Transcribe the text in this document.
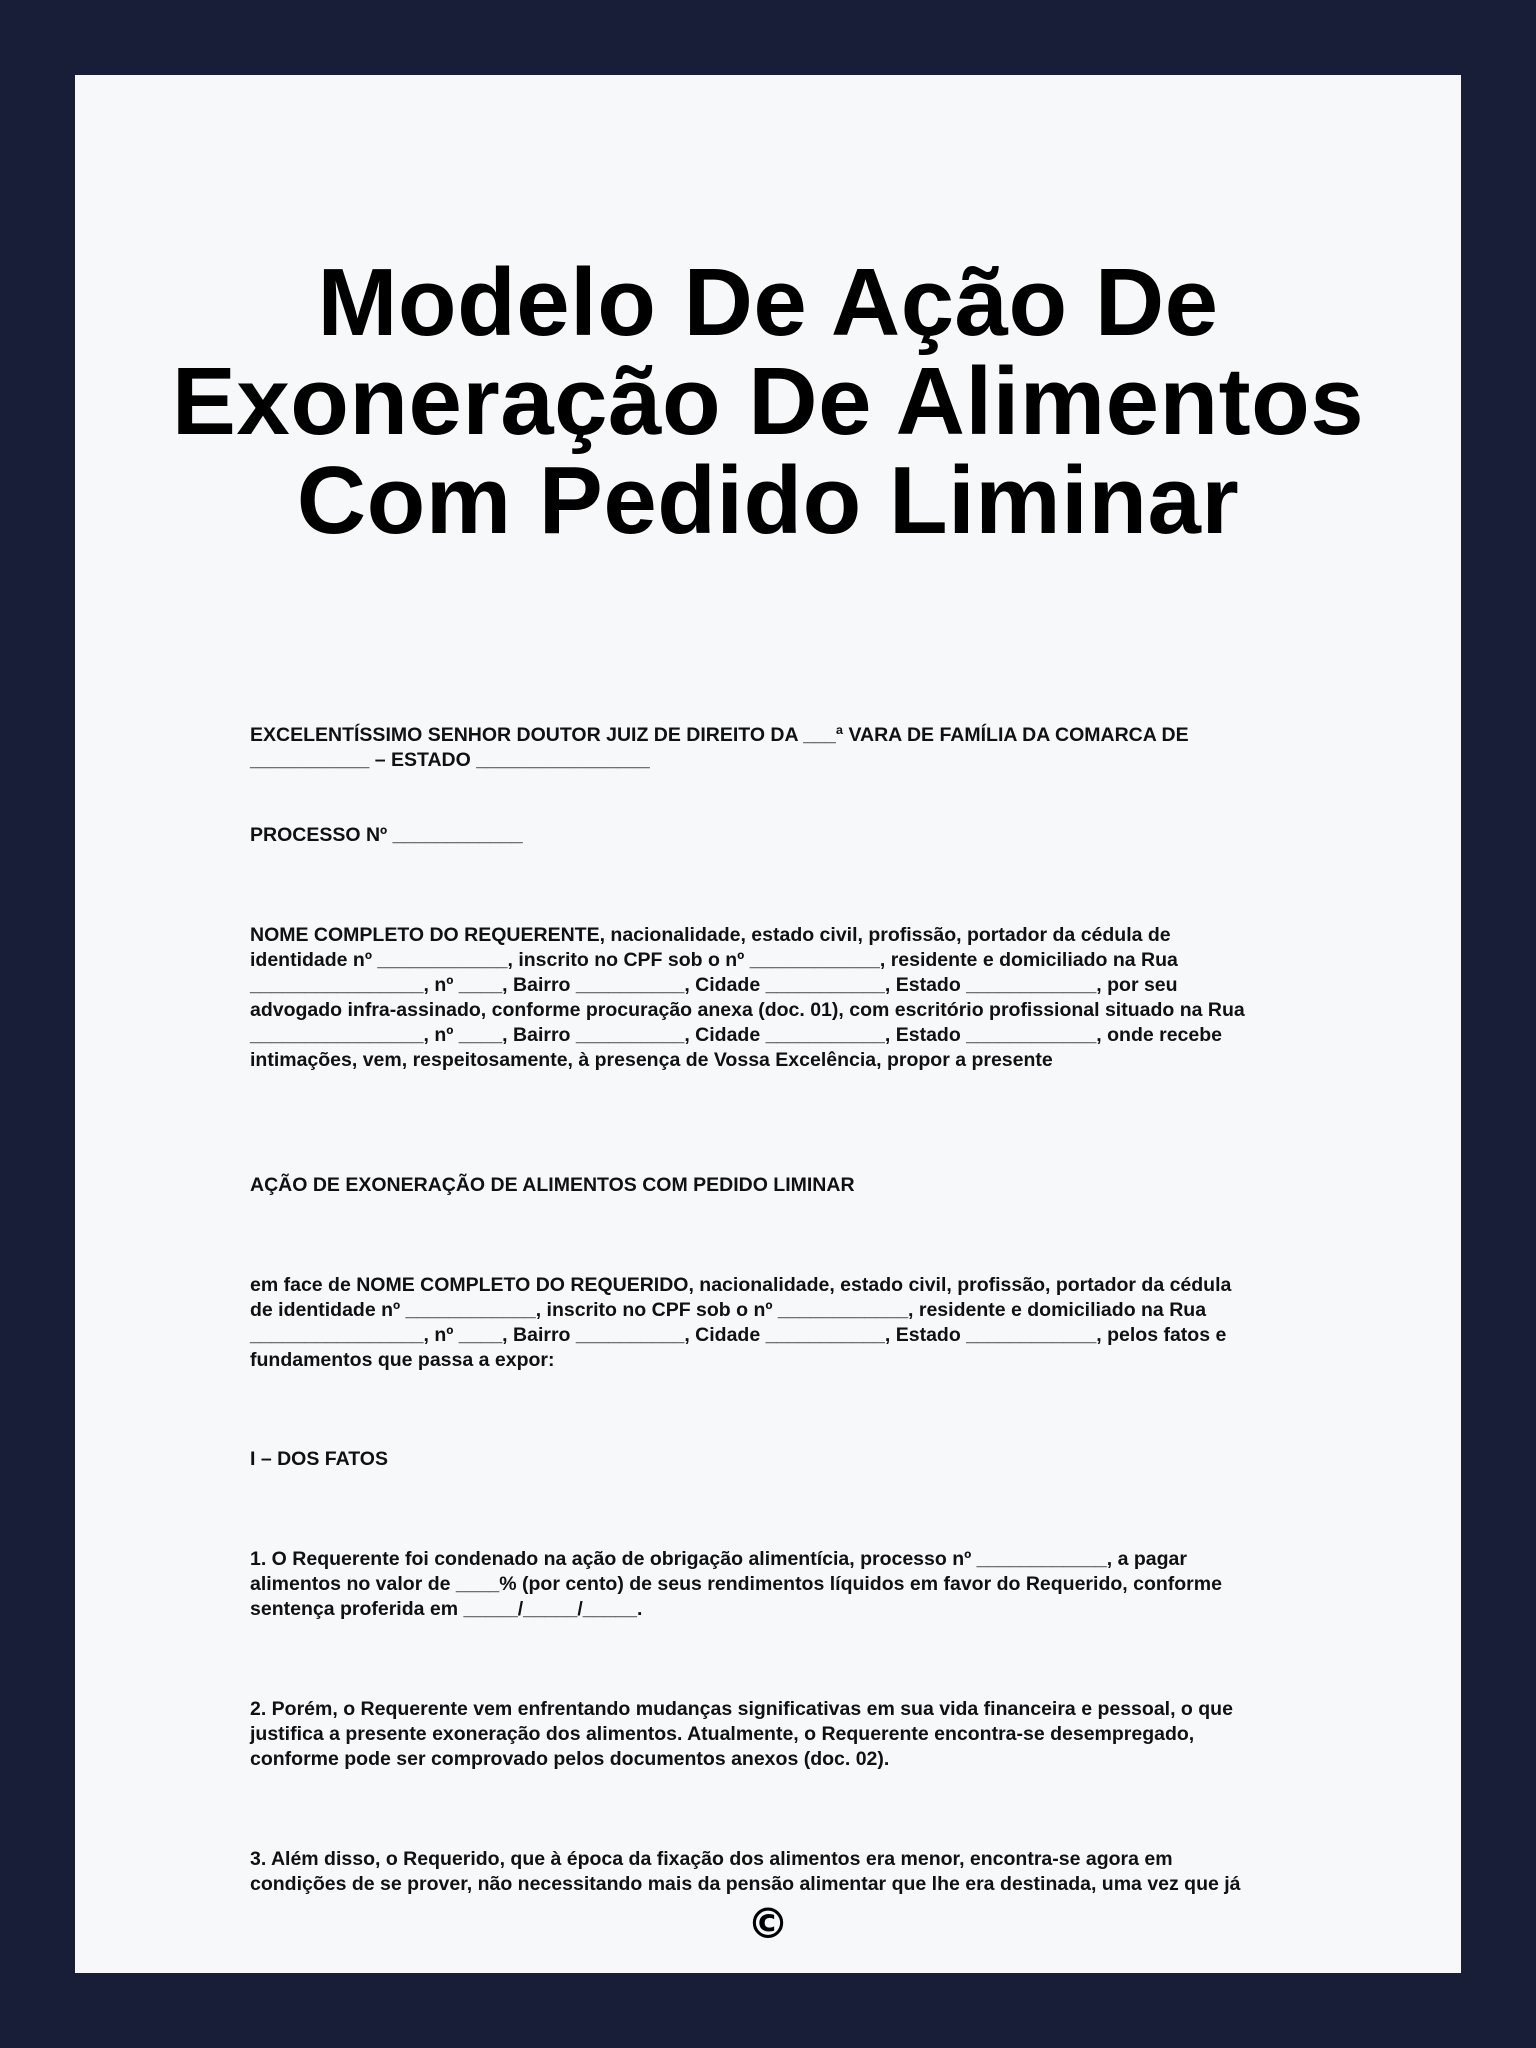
Modelo De Ação De
Exoneração De Alimentos
Com Pedido Liminar

EXCELENTÍSSIMO SENHOR DOUTOR JUIZ DE DIREITO DA ___ª VARA DE FAMÍLIA DA COMARCA DE
___________ – ESTADO ________________

PROCESSO Nº ____________

NOME COMPLETO DO REQUERENTE, nacionalidade, estado civil, profissão, portador da cédula de
identidade nº ____________, inscrito no CPF sob o nº ____________, residente e domiciliado na Rua
________________, nº ____, Bairro __________, Cidade ___________, Estado ____________, por seu
advogado infra-assinado, conforme procuração anexa (doc. 01), com escritório profissional situado na Rua
________________, nº ____, Bairro __________, Cidade ___________, Estado ____________, onde recebe
intimações, vem, respeitosamente, à presença de Vossa Excelência, propor a presente

AÇÃO DE EXONERAÇÃO DE ALIMENTOS COM PEDIDO LIMINAR

em face de NOME COMPLETO DO REQUERIDO, nacionalidade, estado civil, profissão, portador da cédula
de identidade nº ____________, inscrito no CPF sob o nº ____________, residente e domiciliado na Rua
________________, nº ____, Bairro __________, Cidade ___________, Estado ____________, pelos fatos e
fundamentos que passa a expor:

I – DOS FATOS

1. O Requerente foi condenado na ação de obrigação alimentícia, processo nº ____________, a pagar
alimentos no valor de ____% (por cento) de seus rendimentos líquidos em favor do Requerido, conforme
sentença proferida em _____/_____/_____.

2. Porém, o Requerente vem enfrentando mudanças significativas em sua vida financeira e pessoal, o que
justifica a presente exoneração dos alimentos. Atualmente, o Requerente encontra-se desempregado,
conforme pode ser comprovado pelos documentos anexos (doc. 02).

3. Além disso, o Requerido, que à época da fixação dos alimentos era menor, encontra-se agora em
condições de se prover, não necessitando mais da pensão alimentar que lhe era destinada, uma vez que já

©
